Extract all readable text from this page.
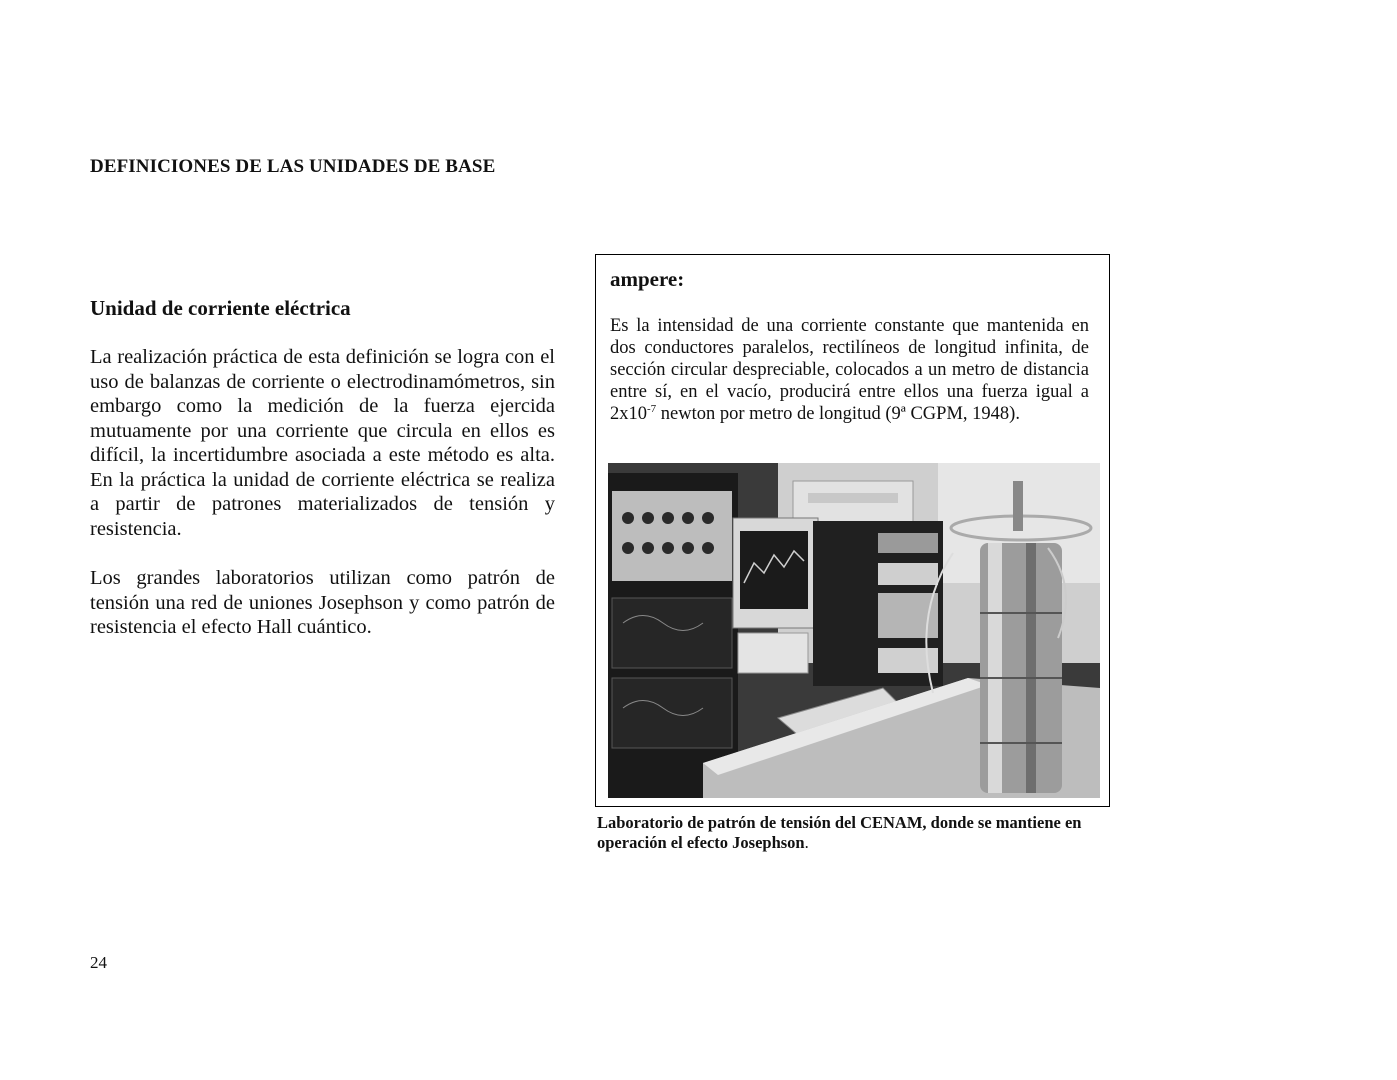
DEFINICIONES DE LAS UNIDADES DE BASE
Unidad de corriente eléctrica

La realización práctica de esta definición se logra con el uso de balanzas de corriente o electrodinamómetros, sin embargo como la medición de la fuerza ejercida mutuamente por una corriente que circula en ellos es difícil, la incertidumbre asociada a este método es alta. En la práctica la unidad de corriente eléctrica se realiza a partir de patrones materializados de tensión y resistencia.

Los grandes laboratorios utilizan como patrón de tensión una red de uniones Josephson y como patrón de resistencia el efecto Hall cuántico.

ampere:

Es la intensidad de una corriente constante que mantenida en dos conductores paralelos, rectilíneos de longitud infinita, de sección circular despreciable, colocados a un metro de distancia entre sí, en el vacío, producirá entre ellos una fuerza igual a $2x10^{-7}$ newton por metro de longitud (9ª CGPM, 1948).

Laboratorio de patrón de tensión del CENAM, donde se mantiene en operación el efecto Josephson.

24
